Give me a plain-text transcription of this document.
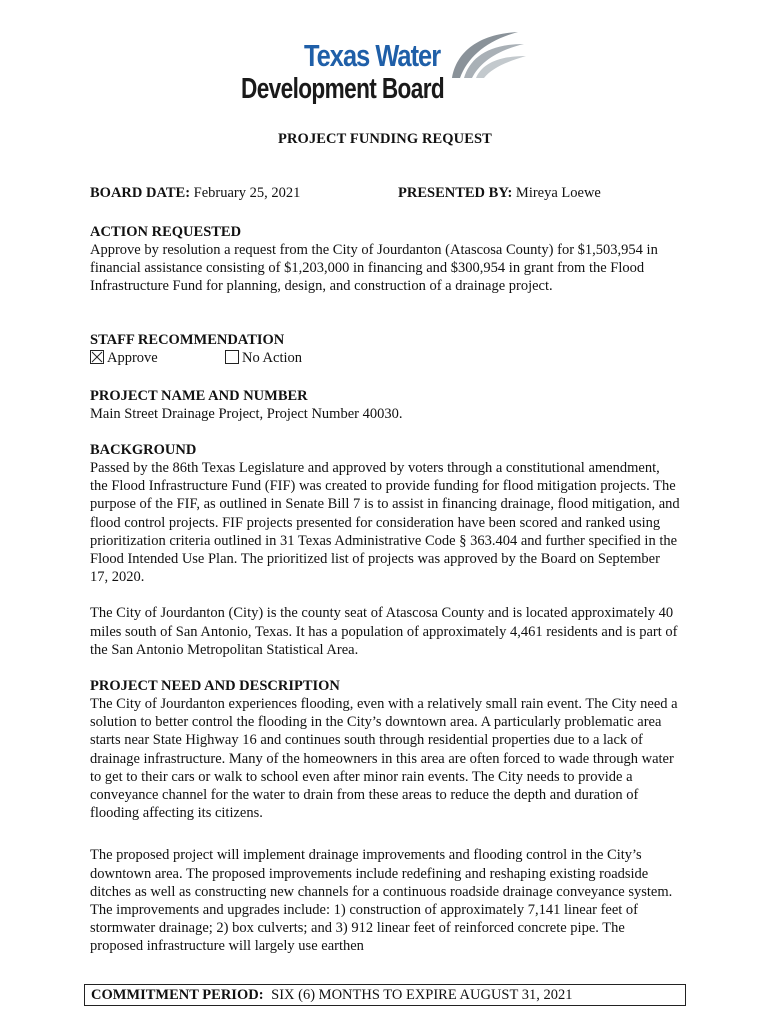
Texas Water
Development Board
PROJECT FUNDING REQUEST
BOARD DATE: February 25, 2021	PRESENTED BY: Mireya Loewe
ACTION REQUESTED
Approve by resolution a request from the City of Jourdanton (Atascosa County) for $1,503,954 in financial assistance consisting of $1,203,000 in financing and $300,954 in grant from the Flood Infrastructure Fund for planning, design, and construction of a drainage project.
STAFF RECOMMENDATION
Approve	No Action
PROJECT NAME AND NUMBER
Main Street Drainage Project, Project Number 40030.
BACKGROUND
Passed by the 86th Texas Legislature and approved by voters through a constitutional amendment, the Flood Infrastructure Fund (FIF) was created to provide funding for flood mitigation projects. The purpose of the FIF, as outlined in Senate Bill 7 is to assist in financing drainage, flood mitigation, and flood control projects. FIF projects presented for consideration have been scored and ranked using prioritization criteria outlined in 31 Texas Administrative Code § 363.404 and further specified in the Flood Intended Use Plan. The prioritized list of projects was approved by the Board on September 17, 2020.
The City of Jourdanton (City) is the county seat of Atascosa County and is located approximately 40 miles south of San Antonio, Texas. It has a population of approximately 4,461 residents and is part of the San Antonio Metropolitan Statistical Area.
PROJECT NEED AND DESCRIPTION
The City of Jourdanton experiences flooding, even with a relatively small rain event. The City need a solution to better control the flooding in the City’s downtown area. A particularly problematic area starts near State Highway 16 and continues south through residential properties due to a lack of drainage infrastructure. Many of the homeowners in this area are often forced to wade through water to get to their cars or walk to school even after minor rain events. The City needs to provide a conveyance channel for the water to drain from these areas to reduce the depth and duration of flooding affecting its citizens.
The proposed project will implement drainage improvements and flooding control in the City’s downtown area. The proposed improvements include redefining and reshaping existing roadside ditches as well as constructing new channels for a continuous roadside drainage conveyance system. The improvements and upgrades include: 1) construction of approximately 7,141 linear feet of stormwater drainage; 2) box culverts; and 3) 912 linear feet of reinforced concrete pipe. The proposed infrastructure will largely use earthen
COMMITMENT PERIOD: SIX (6) MONTHS TO EXPIRE AUGUST 31, 2021
